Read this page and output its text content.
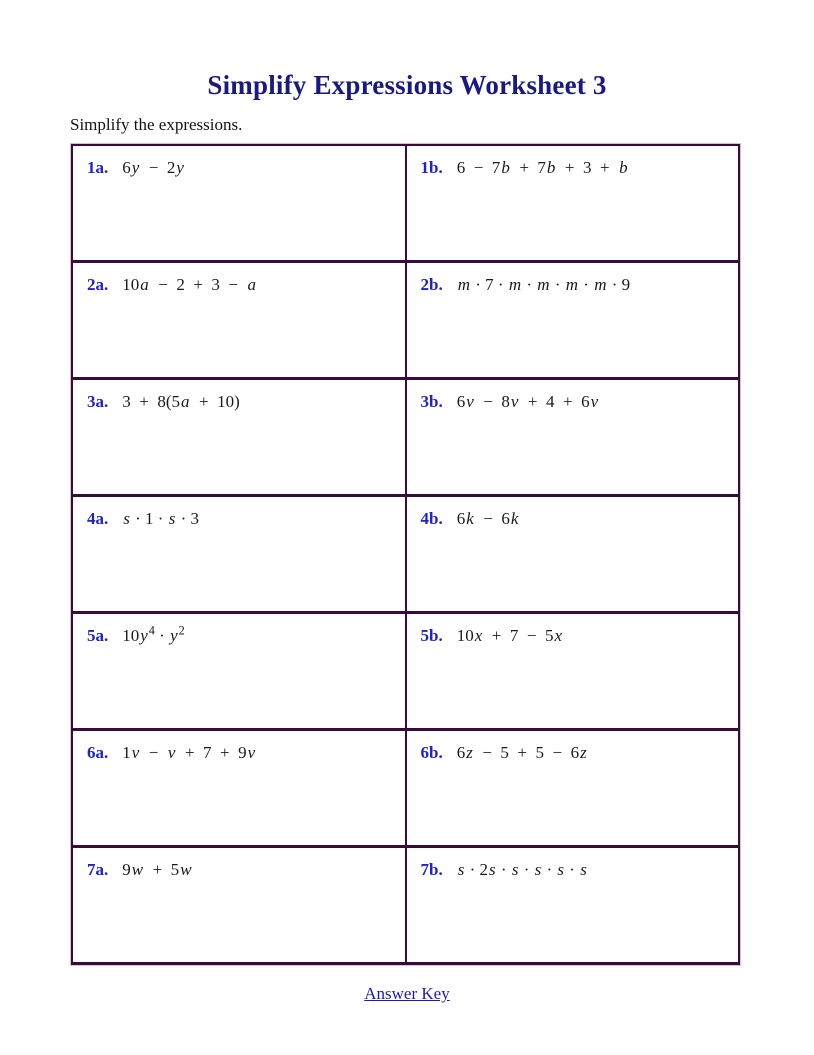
Simplify Expressions Worksheet 3

Simplify the expressions.

1a. 6y  −  2y	1b. 6  −  7b  +  7b  +  3  +  b
2a. 10a  −  2  +  3  −  a	2b. m · 7 · m · m · m · m · 9
3a. 3  +  8(5a  +  10)	3b. 6v  −  8v  +  4  +  6v
4a. s · 1 · s · 3	4b. 6k  −  6k
5a. $10y^4 \cdot y^2$	5b. 10x  +  7  −  5x
6a. 1v  −  v  +  7  +  9v	6b. 6z  −  5  +  5  −  6z
7a. 9w  +  5w	7b. s · 2s · s · s · s · s
Answer Key
